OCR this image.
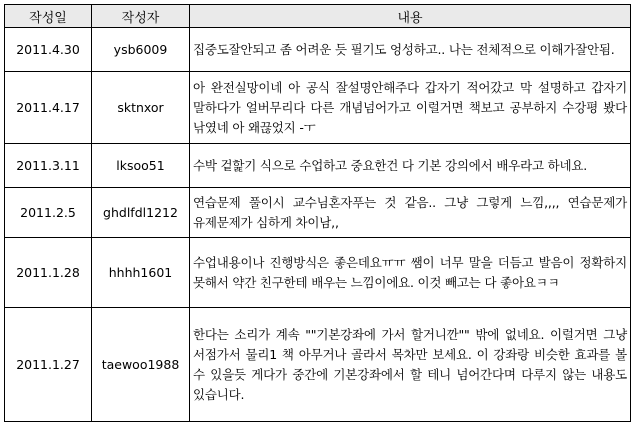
작성일	작성자	내용
2011.4.30	ysb6009	집중도잘안되고 좀 어려운 듯 필기도 엉성하고.. 나는 전체적으로 이해가잘안됨.
2011.4.17	sktnxor	아 완전실망이네 아 공식 잘설명안해주다 갑자기 적어갔고 막 설명하고 갑자기 말하다가 얼버무리다 다른 개념넘어가고 이럴거면 책보고 공부하지 수강평 봤다 낚였네 아 왜끊었지 -ㅜ
2011.3.11	lksoo51	수박 겉핥기 식으로 수업하고 중요한건 다 기본 강의에서 배우라고 하네요.
2011.2.5	ghdlfdl1212	연습문제 풀이시 교수님혼자푸는 것 같음.. 그냥 그렇게 느낌,,,, 연습문제가 유제문제가 심하게 차이남,,
2011.1.28	hhhh1601	수업내용이나 진행방식은 좋은데요ㅠㅠ 쌤이 너무 말을 더듬고 발음이 정확하지 못해서 약간 친구한테 배우는 느낌이에요. 이것 빼고는 다 좋아요ㅋㅋ
2011.1.27	taewoo1988	한다는 소리가 계속 ""기본강좌에 가서 할거니깐"" 밖에 없네요. 이럴거면 그냥 서점가서 물리1 책 아무거나 골라서 목차만 보세요. 이 강좌랑 비슷한 효과를 볼 수 있을듯 게다가 중간에 기본강좌에서 할 테니 넘어간다며 다루지 않는 내용도 있습니다.
